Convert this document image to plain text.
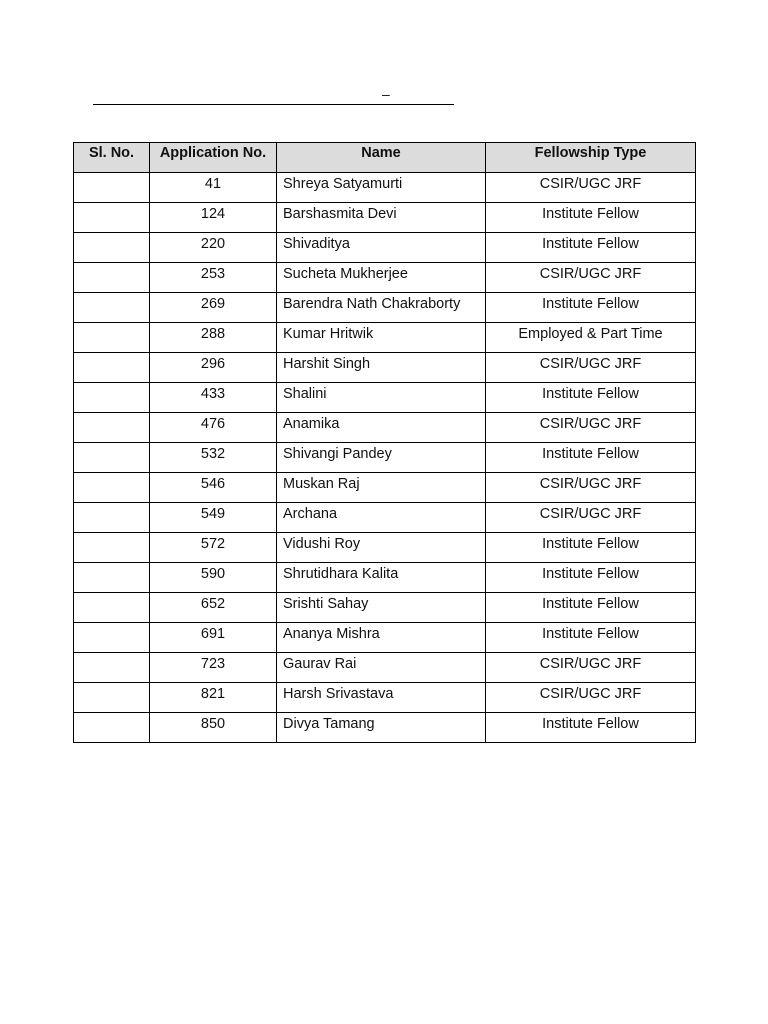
–
Sl. No.	Application No.	Name	Fellowship Type
	41	Shreya Satyamurti	CSIR/UGC JRF
	124	Barshasmita Devi	Institute Fellow
	220	Shivaditya	Institute Fellow
	253	Sucheta Mukherjee	CSIR/UGC JRF
	269	Barendra Nath Chakraborty	Institute Fellow
	288	Kumar Hritwik	Employed & Part Time
	296	Harshit Singh	CSIR/UGC JRF
	433	Shalini	Institute Fellow
	476	Anamika	CSIR/UGC JRF
	532	Shivangi Pandey	Institute Fellow
	546	Muskan Raj	CSIR/UGC JRF
	549	Archana	CSIR/UGC JRF
	572	Vidushi Roy	Institute Fellow
	590	Shrutidhara Kalita	Institute Fellow
	652	Srishti Sahay	Institute Fellow
	691	Ananya Mishra	Institute Fellow
	723	Gaurav Rai	CSIR/UGC JRF
	821	Harsh Srivastava	CSIR/UGC JRF
	850	Divya Tamang	Institute Fellow
